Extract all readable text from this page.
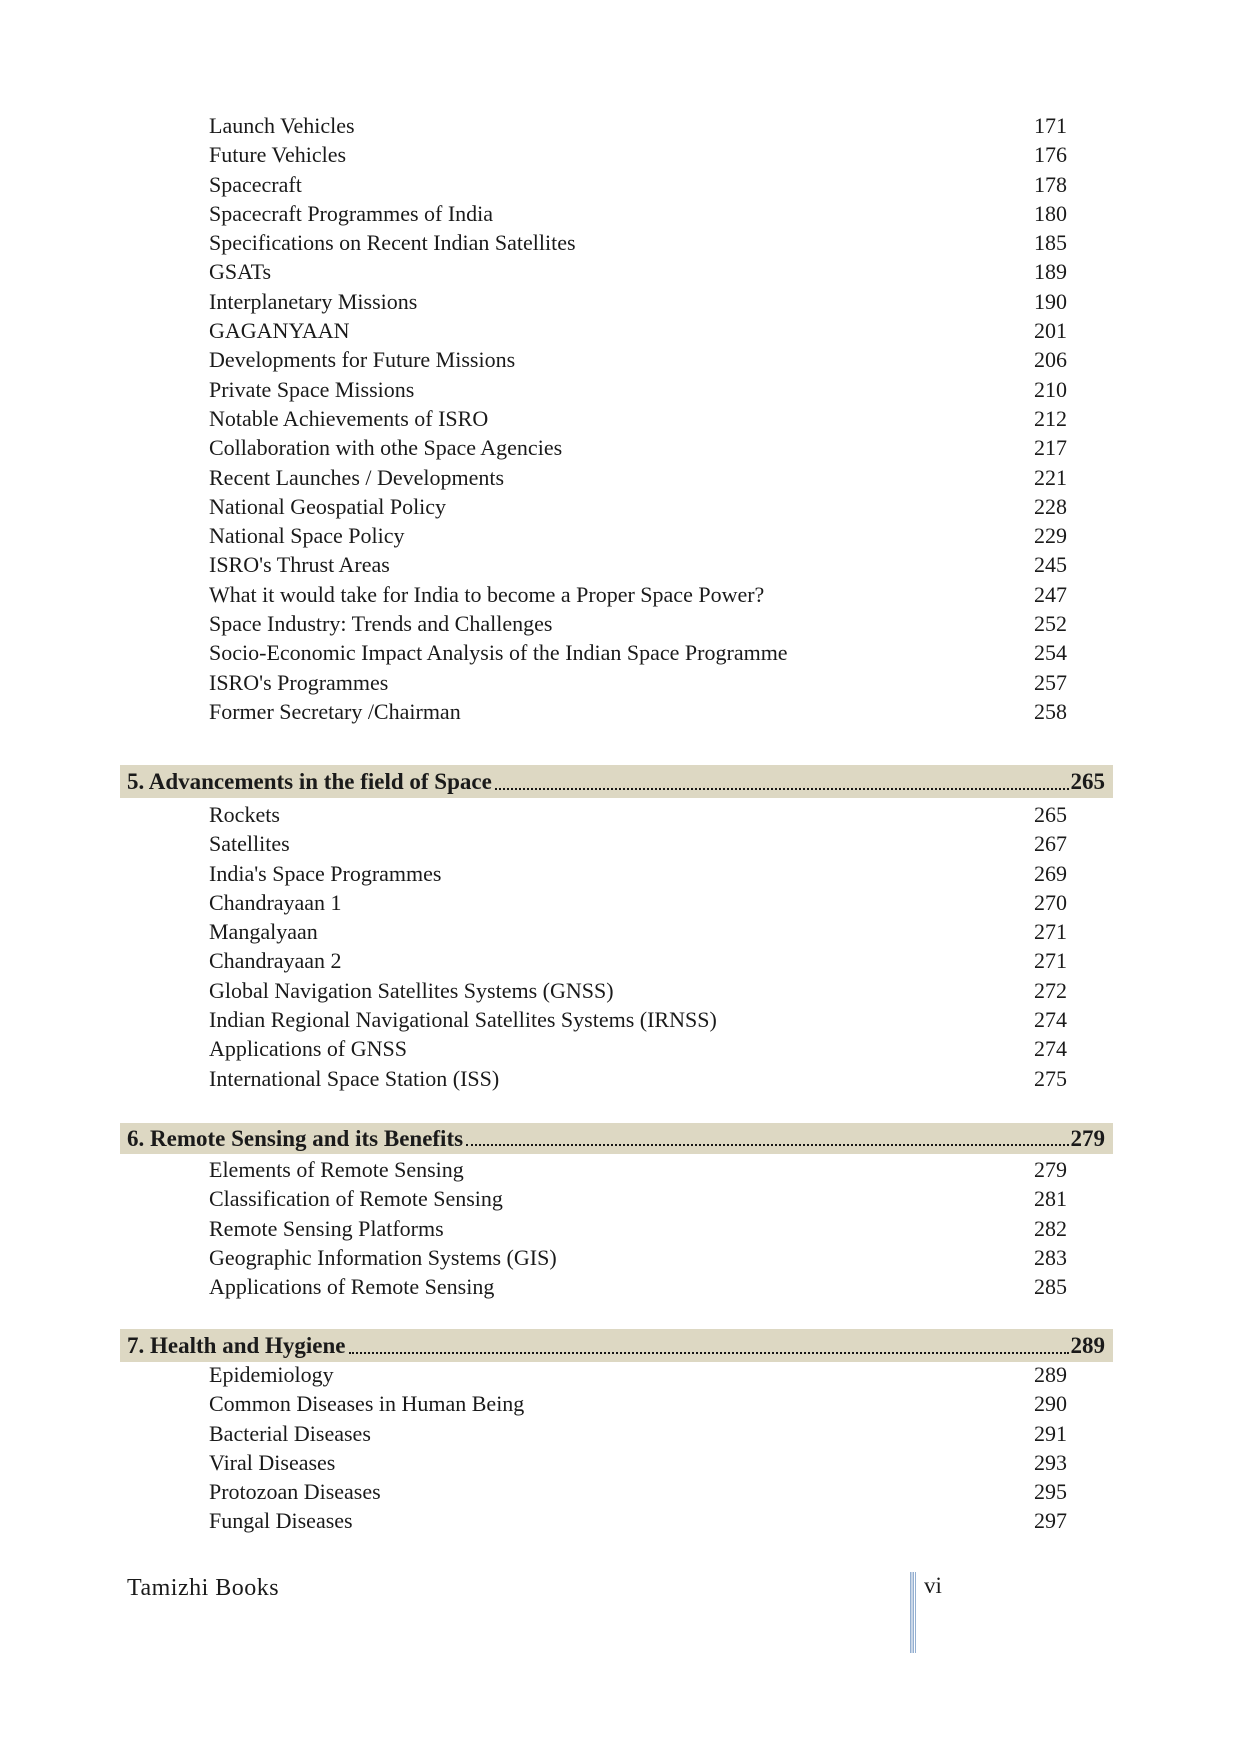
Launch Vehicles	171
Future Vehicles	176
Spacecraft	178
Spacecraft Programmes of India	180
Specifications on Recent Indian Satellites	185
GSATs	189
Interplanetary Missions	190
GAGANYAAN	201
Developments for Future Missions	206
Private Space Missions	210
Notable Achievements of ISRO	212
Collaboration with othe Space Agencies	217
Recent Launches / Developments	221
National Geospatial Policy	228
National Space Policy	229
ISRO's Thrust Areas	245
What it would take for India to become a Proper Space Power?	247
Space Industry: Trends and Challenges	252
Socio-Economic Impact Analysis of the Indian Space Programme	254
ISRO's Programmes	257
Former Secretary /Chairman	258
5. Advancements in the field of Space	265
Rockets	265
Satellites	267
India's Space Programmes	269
Chandrayaan 1	270
Mangalyaan	271
Chandrayaan 2	271
Global Navigation Satellites Systems (GNSS)	272
Indian Regional Navigational Satellites Systems (IRNSS)	274
Applications of GNSS	274
International Space Station (ISS)	275
6. Remote Sensing and its Benefits	279
Elements of Remote Sensing	279
Classification of Remote Sensing	281
Remote Sensing Platforms	282
Geographic Information Systems (GIS)	283
Applications of Remote Sensing	285
7. Health and Hygiene	289
Epidemiology	289
Common Diseases in Human Being	290
Bacterial Diseases	291
Viral Diseases	293
Protozoan Diseases	295
Fungal Diseases	297
Tamizhi Books	vi
